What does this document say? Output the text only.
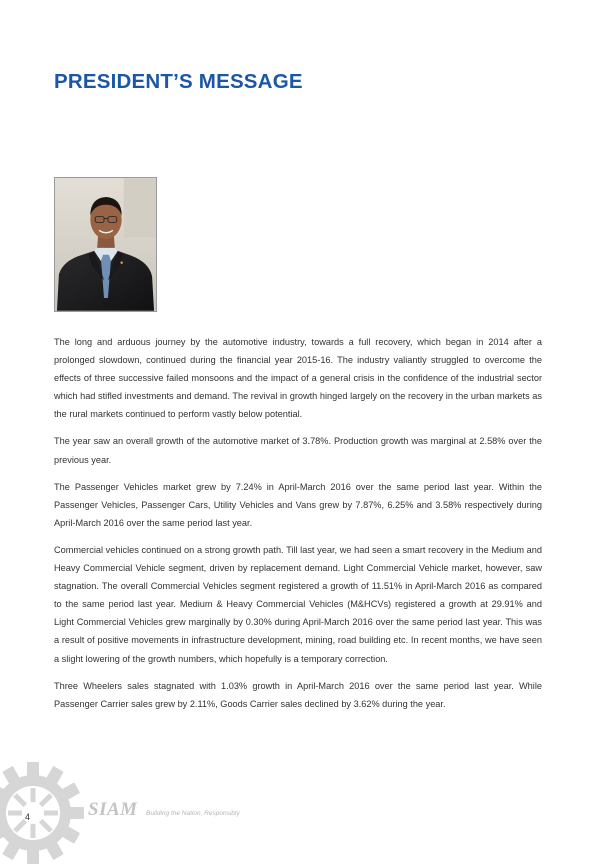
PRESIDENT’S MESSAGE

The long and arduous journey by the automotive industry, towards a full recovery, which began in 2014 after a prolonged slowdown, continued during the financial year 2015-16. The industry valiantly struggled to overcome the effects of three successive failed monsoons and the impact of a general crisis in the confidence of the industrial sector which had stifled investments and demand. The revival in growth hinged largely on the recovery in the urban markets as the rural markets continued to perform vastly below potential.

The year saw an overall growth of the automotive market of 3.78%. Production growth was marginal at 2.58% over the previous year.

The Passenger Vehicles market grew by 7.24% in April-March 2016 over the same period last year. Within the Passenger Vehicles, Passenger Cars, Utility Vehicles and Vans grew by 7.87%, 6.25% and 3.58% respectively during April-March 2016 over the same period last year.

Commercial vehicles continued on a strong growth path. Till last year, we had seen a smart recovery in the Medium and Heavy Commercial Vehicle segment, driven by replacement demand. Light Commercial Vehicle market, however, saw stagnation. The overall Commercial Vehicles segment registered a growth of 11.51% in April-March 2016 as compared to the same period last year. Medium & Heavy Commercial Vehicles (M&HCVs) registered a growth at 29.91% and Light Commercial Vehicles grew marginally by 0.30% during April-March 2016 over the same period last year. This was a result of positive movements in infrastructure development, mining, road building etc. In recent months, we have seen a slight lowering of the growth numbers, which hopefully is a temporary correction.

Three Wheelers sales stagnated with 1.03% growth in April-March 2016 over the same period last year. While Passenger Carrier sales grew by 2.11%, Goods Carrier sales declined by 3.62% during the year.

4	SIAM Building the Nation, Responsibly
